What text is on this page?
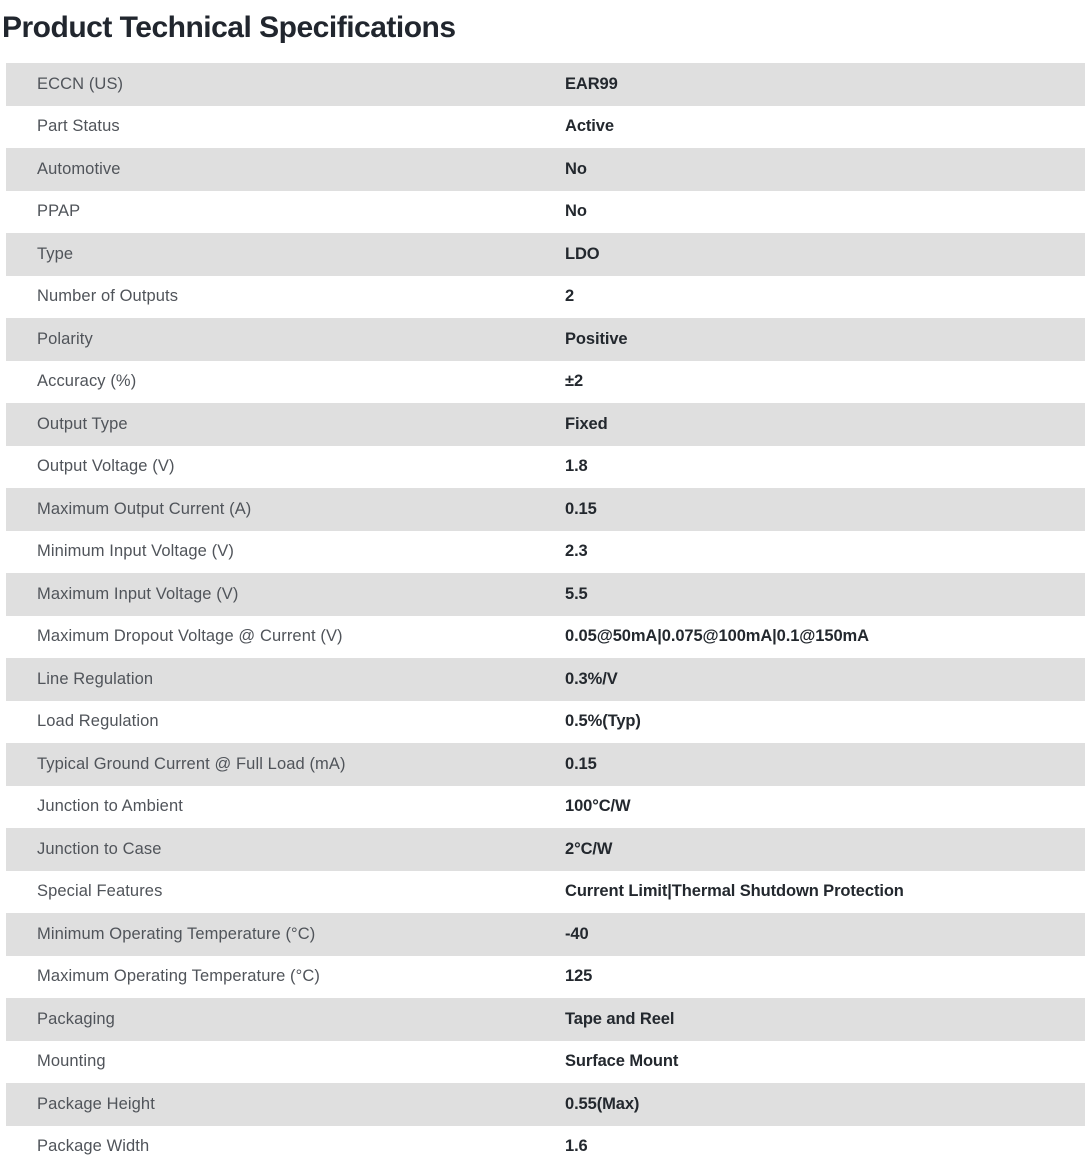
Product Technical Specifications
ECCN (US)	EAR99
Part Status	Active
Automotive	No
PPAP	No
Type	LDO
Number of Outputs	2
Polarity	Positive
Accuracy (%)	±2
Output Type	Fixed
Output Voltage (V)	1.8
Maximum Output Current (A)	0.15
Minimum Input Voltage (V)	2.3
Maximum Input Voltage (V)	5.5
Maximum Dropout Voltage @ Current (V)	0.05@50mA|0.075@100mA|0.1@150mA
Line Regulation	0.3%/V
Load Regulation	0.5%(Typ)
Typical Ground Current @ Full Load (mA)	0.15
Junction to Ambient	100°C/W
Junction to Case	2°C/W
Special Features	Current Limit|Thermal Shutdown Protection
Minimum Operating Temperature (°C)	-40
Maximum Operating Temperature (°C)	125
Packaging	Tape and Reel
Mounting	Surface Mount
Package Height	0.55(Max)
Package Width	1.6
